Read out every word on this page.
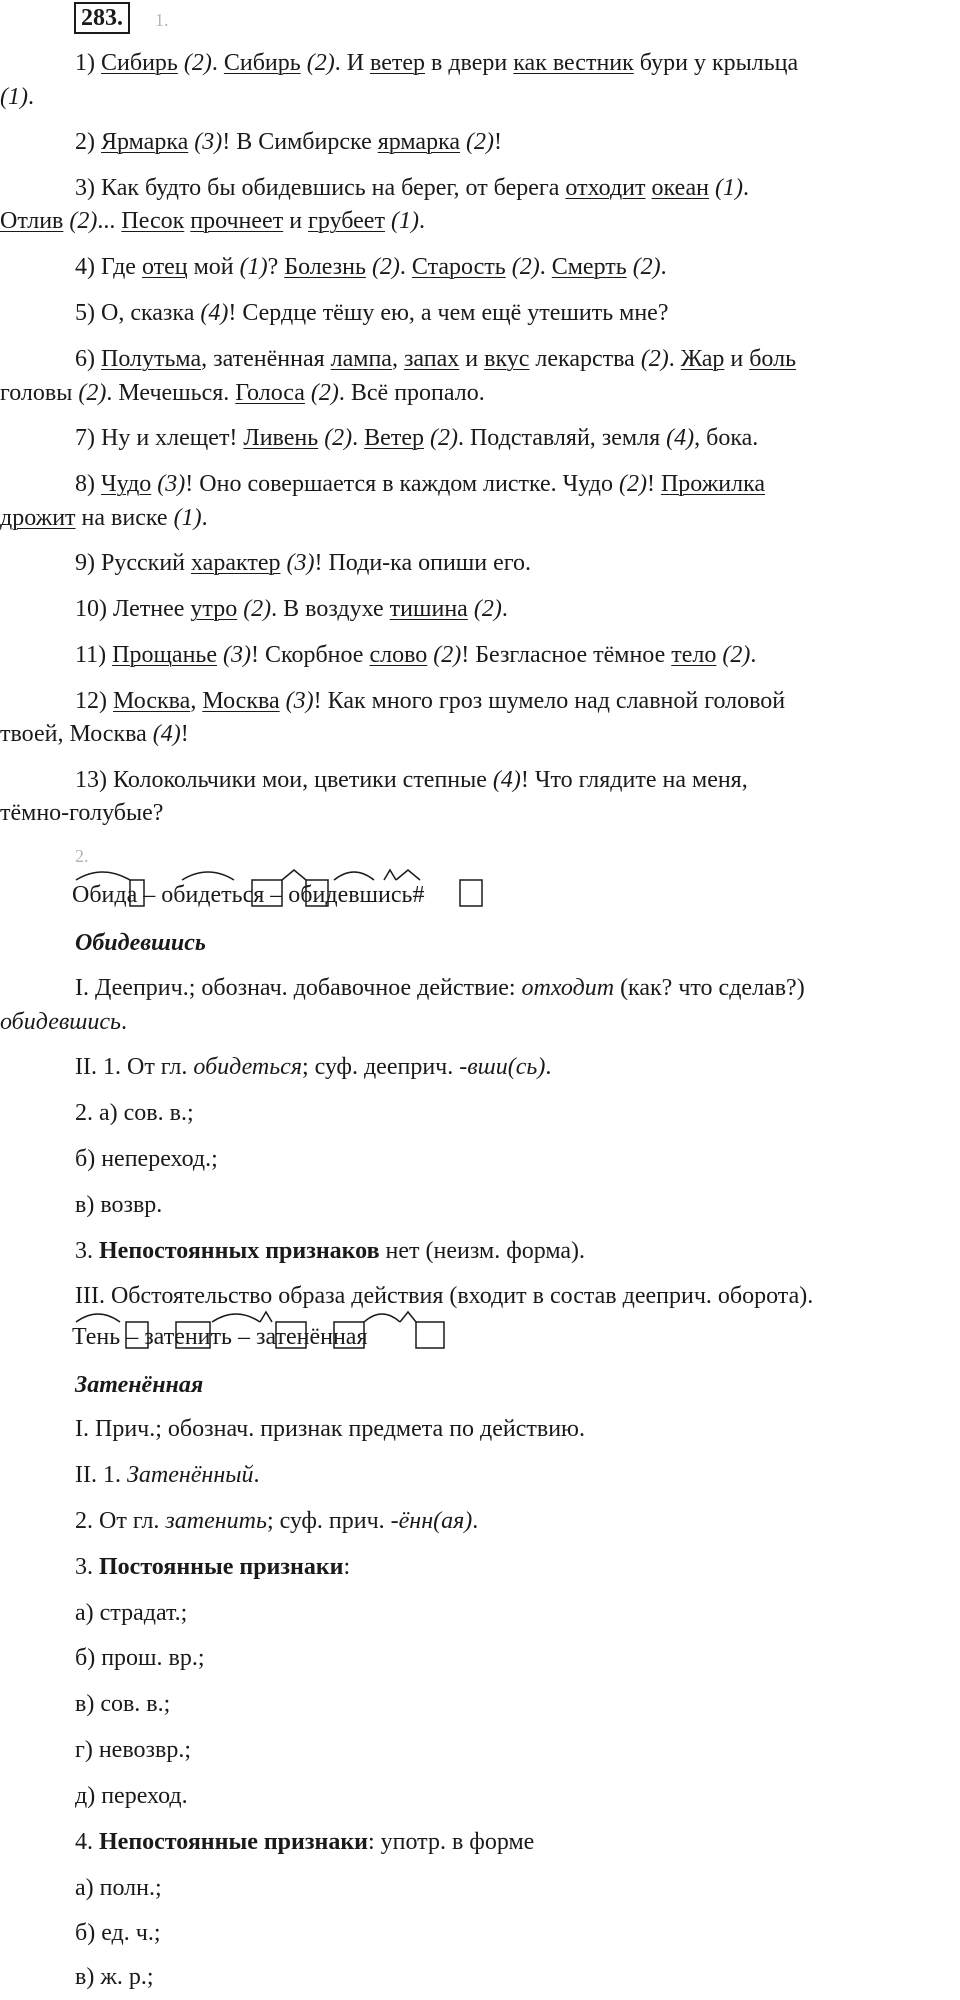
283.	1.
1) Сибирь (2). Сибирь (2). И ветер в двери как вестник бури у крыльца
(1).
2) Ярмарка (3)! В Симбирске ярмарка (2)!
3) Как будто бы обидевшись на берег, от берега отходит океан (1).
Отлив (2)... Песок прочнеет и грубеет (1).
4) Где отец мой (1)? Болезнь (2). Старость (2). Смерть (2).
5) О, сказка (4)! Сердце тёшу ею, а чем ещё утешить мне?
6) Полутьма, затенённая лампа, запах и вкус лекарства (2). Жар и боль
головы (2). Мечешься. Голоса (2). Всё пропало.
7) Ну и хлещет! Ливень (2). Ветер (2). Подставляй, земля (4), бока.
8) Чудо (3)! Оно совершается в каждом листке. Чудо (2)! Прожилка
дрожит на виске (1).
9) Русский характер (3)! Поди-ка опиши его.
10) Летнее утро (2). В воздухе тишина (2).
11) Прощанье (3)! Скорбное слово (2)! Безгласное тёмное тело (2).
12) Москва, Москва (3)! Как много гроз шумело над славной головой
твоей, Москва (4)!
13) Колокольчики мои, цветики степные (4)! Что глядите на меня,
тёмно-голубые?
2.
Обида – обидеться – обидевшись#
Обидевшись
I. Дееприч.; обознач. добавочное действие: отходит (как? что сделав?)
обидевшись.
II. 1. От гл. обидеться; суф. дееприч. -вши(сь).
2. а) сов. в.;
б) непереход.;
в) возвр.
3. Непостоянных признаков нет (неизм. форма).
III. Обстоятельство образа действия (входит в состав дееприч. оборота).
Тень – затенить – затенённая
Затенённая
I. Прич.; обознач. признак предмета по действию.
II. 1. Затенённый.
2. От гл. затенить; суф. прич. -ённ(ая).
3. Постоянные признаки:
а) страдат.;
б) прош. вр.;
в) сов. в.;
г) невозвр.;
д) переход.
4. Непостоянные признаки: употр. в форме
а) полн.;
б) ед. ч.;
в) ж. р.;
